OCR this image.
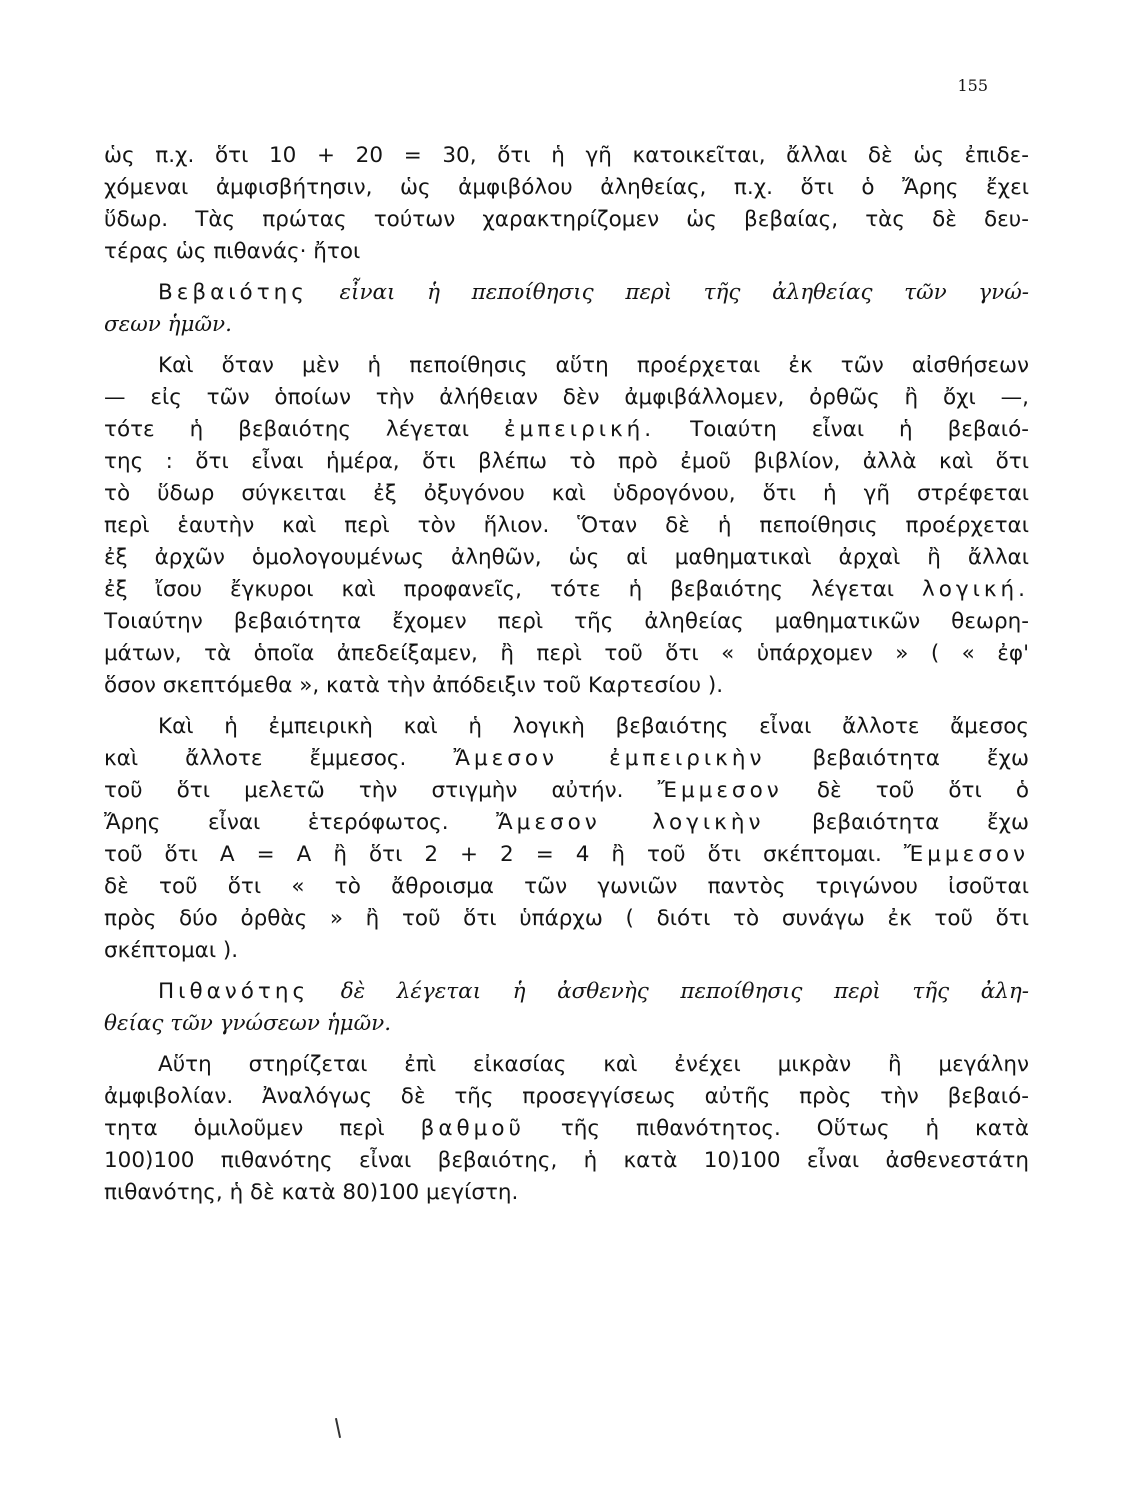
155
ὡς π.χ. ὅτι 10 + 20 = 30, ὅτι ἡ γῆ κατοικεῖται, ἄλλαι δὲ ὡς ἐπιδε-
χόμεναι ἀμφισβήτησιν, ὡς ἀμφιβόλου ἀληθείας, π.χ. ὅτι ὁ Ἄρης ἔχει
ὕδωρ. Τὰς πρώτας τούτων χαρακτηρίζομεν ὡς βεβαίας, τὰς δὲ δευ-
τέρας ὡς πιθανάς· ἤτοι
Βεβαιότης εἶναι ἡ πεποίθησις περὶ τῆς ἀληθείας τῶν γνώ-
σεων ἡμῶν.
Καὶ ὅταν μὲν ἡ πεποίθησις αὕτη προέρχεται ἐκ τῶν αἰσθήσεων
— εἰς τῶν ὁποίων τὴν ἀλήθειαν δὲν ἀμφιβάλλομεν, ὀρθῶς ἢ ὄχι —,
τότε ἡ βεβαιότης λέγεται ἐμπειρική. Τοιαύτη εἶναι ἡ βεβαιό-
της : ὅτι εἶναι ἡμέρα, ὅτι βλέπω τὸ πρὸ ἐμοῦ βιβλίον, ἀλλὰ καὶ ὅτι
τὸ ὕδωρ σύγκειται ἐξ ὀξυγόνου καὶ ὑδρογόνου, ὅτι ἡ γῆ στρέφεται
περὶ ἑαυτὴν καὶ περὶ τὸν ἥλιον. Ὅταν δὲ ἡ πεποίθησις προέρχεται
ἐξ ἀρχῶν ὁμολογουμένως ἀληθῶν, ὡς αἱ μαθηματικαὶ ἀρχαὶ ἢ ἄλλαι
ἐξ ἴσου ἔγκυροι καὶ προφανεῖς, τότε ἡ βεβαιότης λέγεται λογική.
Τοιαύτην βεβαιότητα ἔχομεν περὶ τῆς ἀληθείας μαθηματικῶν θεωρη-
μάτων, τὰ ὁποῖα ἀπεδείξαμεν, ἢ περὶ τοῦ ὅτι « ὑπάρχομεν » ( « ἐφ'
ὅσον σκεπτόμεθα », κατὰ τὴν ἀπόδειξιν τοῦ Καρτεσίου ).
Καὶ ἡ ἐμπειρικὴ καὶ ἡ λογικὴ βεβαιότης εἶναι ἄλλοτε ἄμεσος
καὶ ἄλλοτε ἔμμεσος. Ἄμεσον ἐμπειρικὴν βεβαιότητα ἔχω
τοῦ ὅτι μελετῶ τὴν στιγμὴν αὐτήν. Ἔμμεσον δὲ τοῦ ὅτι ὁ
Ἄρης εἶναι ἑτερόφωτος. Ἄμεσον λογικὴν βεβαιότητα ἔχω
τοῦ ὅτι Α = Α ἢ ὅτι 2 + 2 = 4 ἢ τοῦ ὅτι σκέπτομαι. Ἔμμεσον
δὲ τοῦ ὅτι « τὸ ἄθροισμα τῶν γωνιῶν παντὸς τριγώνου ἰσοῦται
πρὸς δύο ὀρθὰς » ἢ τοῦ ὅτι ὑπάρχω ( διότι τὸ συνάγω ἐκ τοῦ ὅτι
σκέπτομαι ).
Πιθανότης δὲ λέγεται ἡ ἀσθενὴς πεποίθησις περὶ τῆς ἀλη-
θείας τῶν γνώσεων ἡμῶν.
Αὕτη στηρίζεται ἐπὶ εἰκασίας καὶ ἐνέχει μικρὰν ἢ μεγάλην
ἀμφιβολίαν. Ἀναλόγως δὲ τῆς προσεγγίσεως αὐτῆς πρὸς τὴν βεβαιό-
τητα ὁμιλοῦμεν περὶ βαθμοῦ τῆς πιθανότητος. Οὕτως ἡ κατὰ
100)100 πιθανότης εἶναι βεβαιότης, ἡ κατὰ 10)100 εἶναι ἀσθενεστάτη
πιθανότης, ἡ δὲ κατὰ 80)100 μεγίστη.
